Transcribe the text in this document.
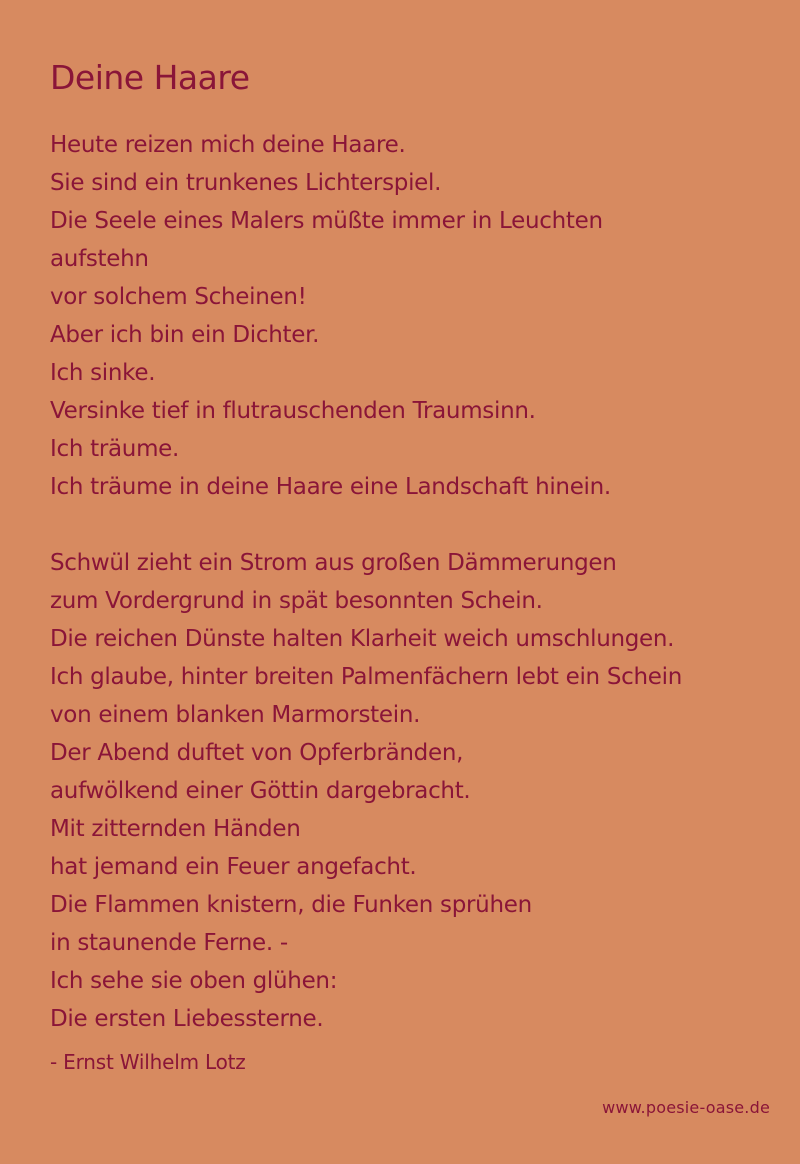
Deine Haare
Heute reizen mich deine Haare.
Sie sind ein trunkenes Lichterspiel.
Die Seele eines Malers müßte immer in Leuchten
aufstehn
vor solchem Scheinen!
Aber ich bin ein Dichter.
Ich sinke.
Versinke tief in flutrauschenden Traumsinn.
Ich träume.
Ich träume in deine Haare eine Landschaft hinein.
Schwül zieht ein Strom aus großen Dämmerungen
zum Vordergrund in spät besonnten Schein.
Die reichen Dünste halten Klarheit weich umschlungen.
Ich glaube, hinter breiten Palmenfächern lebt ein Schein
von einem blanken Marmorstein.
Der Abend duftet von Opferbränden,
aufwölkend einer Göttin dargebracht.
Mit zitternden Händen
hat jemand ein Feuer angefacht.
Die Flammen knistern, die Funken sprühen
in staunende Ferne. -
Ich sehe sie oben glühen:
Die ersten Liebessterne.
- Ernst Wilhelm Lotz
www.poesie-oase.de
